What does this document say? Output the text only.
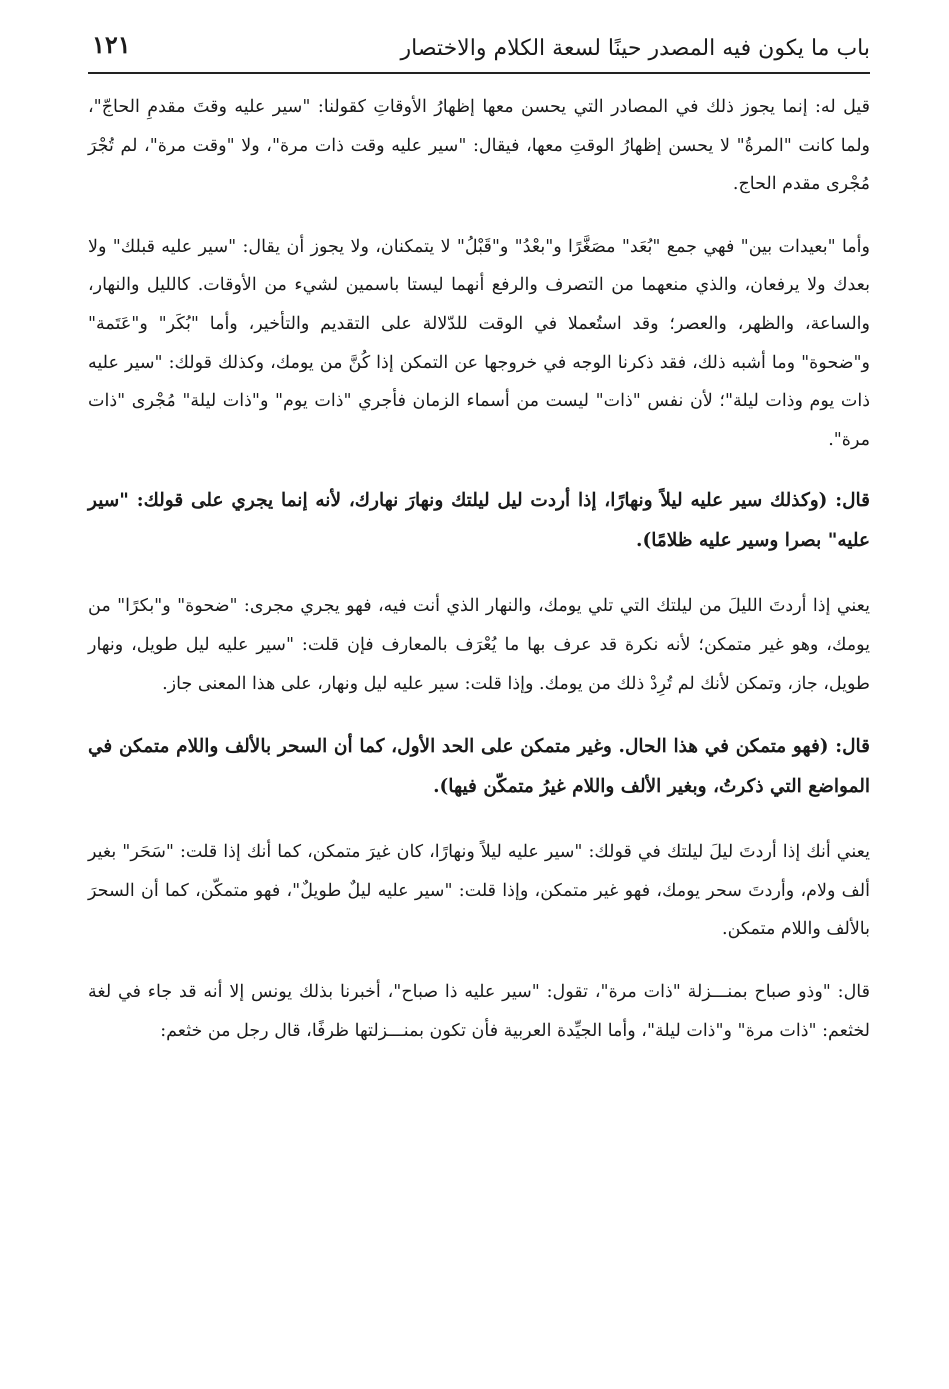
باب ما يكون فيه المصدر حينًا لسعة الكلام والاختصار
١٢١

قيل له: إنما يجوز ذلك في المصادر التي يحسن معها إظهارُ الأوقاتِ كقولنا: "سير عليه وقتَ مقدمِ الحاجّ"، ولما كانت "المرةُ" لا يحسن إظهارُ الوقتِ معها، فيقال: "سير عليه وقت ذات مرة"، ولا "وقت مرة"، لم تُجْرَ مُجْرى مقدم الحاج.

وأما "بعيدات بين" فهي جمع "بُعَد" مصَغَّرًا و"بعْدُ" و"قَبْلُ" لا يتمكنان، ولا يجوز أن يقال: "سير عليه قبلك" ولا بعدك ولا يرفعان، والذي منعهما من التصرف والرفع أنهما ليستا باسمين لشيء من الأوقات. كالليل والنهار، والساعة، والظهر، والعصر؛ وقد استُعملا في الوقت للدّلالة على التقديم والتأخير، وأما "بُكَر" و"عَتَمة" و"ضحوة" وما أشبه ذلك، فقد ذكرنا الوجه في خروجها عن التمكن إذا كُنَّ من يومك، وكذلك قولك: "سير عليه ذات يوم وذات ليلة"؛ لأن نفس "ذات" ليست من أسماء الزمان فأجري "ذات يوم" و"ذات ليلة" مُجْرى "ذات مرة".

قال: (وكذلك سير عليه ليلاً ونهارًا، إذا أردت ليل ليلتك ونهارَ نهارك، لأنه إنما يجري على قولك: "سير عليه" بصرا وسير عليه ظلامًا).

يعني إذا أردتَ الليلَ من ليلتك التي تلي يومك، والنهار الذي أنت فيه، فهو يجري مجرى: "ضحوة" و"بكرًا" من يومك، وهو غير متمكن؛ لأنه نكرة قد عرف بها ما يُعْرَف بالمعارف فإن قلت: "سير عليه ليل طويل، ونهار طويل، جاز، وتمكن لأنك لم تُرِدْ ذلك من يومك. وإذا قلت: سير عليه ليل ونهار، على هذا المعنى جاز.

قال: (فهو متمكن في هذا الحال. وغير متمكن على الحد الأول، كما أن السحر بالألف واللام متمكن في المواضع التي ذكرتُ، وبغير الألف واللام غيرُ متمكّن فيها).

يعني أنك إذا أردتَ ليلَ ليلتك في قولك: "سير عليه ليلاً ونهارًا، كان غيرَ متمكن، كما أنك إذا قلت: "سَحَر" بغير ألف ولام، وأردتَ سحر يومك، فهو غير متمكن، وإذا قلت: "سير عليه ليلٌ طويلٌ"، فهو متمكّن، كما أن السحرَ بالألف واللام متمكن.

قال: "وذو صباح بمنـــزلة "ذات مرة"، تقول: "سير عليه ذا صباح"، أخبرنا بذلك يونس إلا أنه قد جاء في لغة لخثعم: "ذات مرة" و"ذات ليلة"، وأما الجيِّدة العربية فأن تكون بمنـــزلتها ظرفًا، قال رجل من خثعم:
